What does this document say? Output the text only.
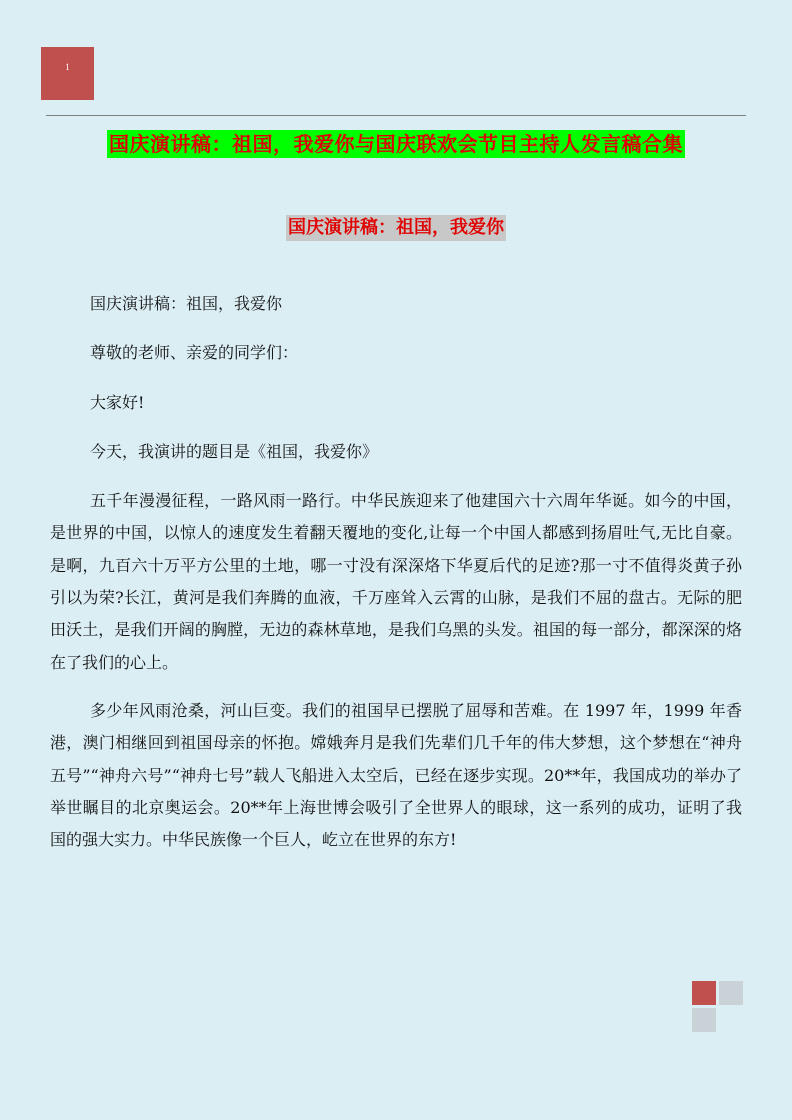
1
国庆演讲稿：祖国，我爱你与国庆联欢会节目主持人发言稿合集
国庆演讲稿：祖国，我爱你

国庆演讲稿：祖国，我爱你

尊敬的老师、亲爱的同学们：

大家好!

今天，我演讲的题目是《祖国，我爱你》

五千年漫漫征程，一路风雨一路行。中华民族迎来了他建国六十六周年华诞。如今的中国，是世界的中国，以惊人的速度发生着翻天覆地的变化,让每一个中国人都感到扬眉吐气,无比自豪。是啊，九百六十万平方公里的土地，哪一寸没有深深烙下华夏后代的足迹?那一寸不值得炎黄子孙引以为荣?长江，黄河是我们奔腾的血液，千万座耸入云霄的山脉，是我们不屈的盘古。无际的肥田沃土，是我们开阔的胸膛，无边的森林草地，是我们乌黑的头发。祖国的每一部分，都深深的烙在了我们的心上。

多少年风雨沧桑，河山巨变。我们的祖国早已摆脱了屈辱和苦难。在 1997 年，1999 年香港，澳门相继回到祖国母亲的怀抱。嫦娥奔月是我们先辈们几千年的伟大梦想，这个梦想在“神舟五号”“神舟六号”“神舟七号”载人飞船进入太空后，已经在逐步实现。20**年，我国成功的举办了举世瞩目的北京奥运会。20**年上海世博会吸引了全世界人的眼球，这一系列的成功，证明了我国的强大实力。中华民族像一个巨人，屹立在世界的东方!
